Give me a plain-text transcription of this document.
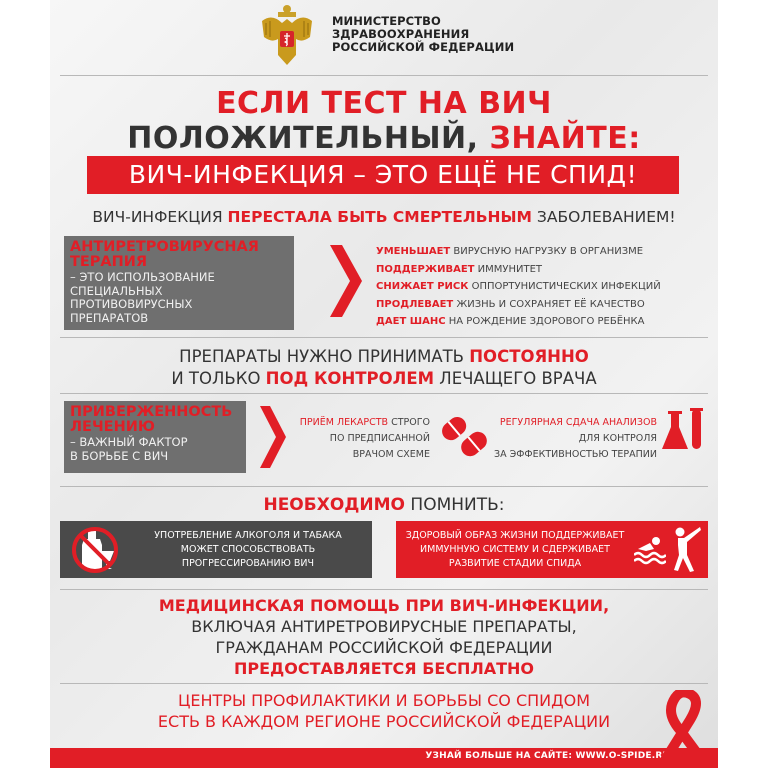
МИНИСТЕРСТВО
ЗДРАВООХРАНЕНИЯ
РОССИЙСКОЙ ФЕДЕРАЦИИ
ЕСЛИ ТЕСТ НА ВИЧ
ПОЛОЖИТЕЛЬНЫЙ, ЗНАЙТЕ:
ВИЧ-ИНФЕКЦИЯ – ЭТО ЕЩЁ НЕ СПИД!
ВИЧ-ИНФЕКЦИЯ ПЕРЕСТАЛА БЫТЬ СМЕРТЕЛЬНЫМ ЗАБОЛЕВАНИЕМ!
АНТИРЕТРОВИРУСНАЯ
ТЕРАПИЯ
– ЭТО ИСПОЛЬЗОВАНИЕ
СПЕЦИАЛЬНЫХ
ПРОТИВОВИРУСНЫХ
ПРЕПАРАТОВ
УМЕНЬШАЕТ ВИРУСНУЮ НАГРУЗКУ В ОРГАНИЗМЕ
ПОДДЕРЖИВАЕТ ИММУНИТЕТ
СНИЖАЕТ РИСК ОППОРТУНИСТИЧЕСКИХ ИНФЕКЦИЙ
ПРОДЛЕВАЕТ ЖИЗНЬ И СОХРАНЯЕТ ЕЁ КАЧЕСТВО
ДАЕТ ШАНС НА РОЖДЕНИЕ ЗДОРОВОГО РЕБЁНКА
ПРЕПАРАТЫ НУЖНО ПРИНИМАТЬ ПОСТОЯННО
И ТОЛЬКО ПОД КОНТРОЛЕМ ЛЕЧАЩЕГО ВРАЧА
ПРИВЕРЖЕННОСТЬ
ЛЕЧЕНИЮ
– ВАЖНЫЙ ФАКТОР
В БОРЬБЕ С ВИЧ
ПРИЁМ ЛЕКАРСТВ СТРОГО
ПО ПРЕДПИСАННОЙ
ВРАЧОМ СХЕМЕ
РЕГУЛЯРНАЯ СДАЧА АНАЛИЗОВ
ДЛЯ КОНТРОЛЯ
ЗА ЭФФЕКТИВНОСТЬЮ ТЕРАПИИ
НЕОБХОДИМО ПОМНИТЬ:
УПОТРЕБЛЕНИЕ АЛКОГОЛЯ И ТАБАКА
МОЖЕТ СПОСОБСТВОВАТЬ
ПРОГРЕССИРОВАНИЮ ВИЧ
ЗДОРОВЫЙ ОБРАЗ ЖИЗНИ ПОДДЕРЖИВАЕТ
ИММУННУЮ СИСТЕМУ И СДЕРЖИВАЕТ
РАЗВИТИЕ СТАДИИ СПИДА
МЕДИЦИНСКАЯ ПОМОЩЬ ПРИ ВИЧ-ИНФЕКЦИИ,
ВКЛЮЧАЯ АНТИРЕТРОВИРУСНЫЕ ПРЕПАРАТЫ,
ГРАЖДАНАМ РОССИЙСКОЙ ФЕДЕРАЦИИ
ПРЕДОСТАВЛЯЕТСЯ БЕСПЛАТНО
ЦЕНТРЫ ПРОФИЛАКТИКИ И БОРЬБЫ СО СПИДОМ
ЕСТЬ В КАЖДОМ РЕГИОНЕ РОССИЙСКОЙ ФЕДЕРАЦИИ
УЗНАЙ БОЛЬШЕ НА САЙТЕ: WWW.O-SPIDE.RU
